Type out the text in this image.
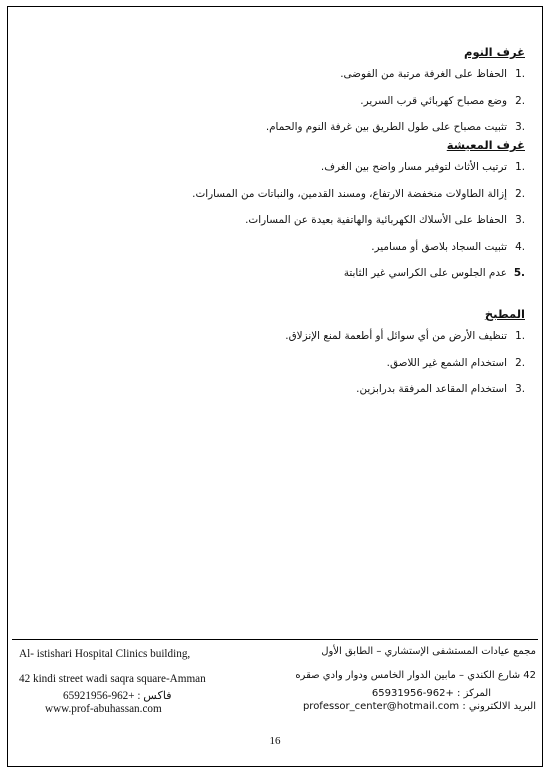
غرف النوم
.1
الحفاظ على الغرفة مرتبة من الفوضى.
.2
وضع مصباح كهربائي قرب السرير.
.3
تثبيت مصباح على طول الطريق بين غرفة النوم والحمام.
غرف المعيشة
.1
ترتيب الأثاث لتوفير مسار واضح بين الغرف.
.2
إزالة الطاولات منخفضة الارتفاع، ومسند القدمين، والنباتات من المسارات.
.3
الحفاظ على الأسلاك الكهربائية والهاتفية بعيدة عن المسارات.
.4
تثبيت السجاد بلاصق أو مسامير.
.5
عدم الجلوس على الكراسي غير الثابتة
المطبخ
.1
تنظيف الأرض من أي سوائل أو أطعمة لمنع الإنزلاق.
.2
استخدام الشمع غير اللاصق.
.3
استخدام المقاعد المرفقة بدرابزين.
Al- istishari Hospital Clinics building,
42 kindi street wadi saqra square-Amman
فاكس : +962-65921956
www.prof-abuhassan.com
مجمع عيادات المستشفى الإستشاري – الطابق الأول
42 شارع الكندي – مابين الدوار الخامس ودوار وادي صقره
المركز : +962-65931956
البريد الالكتروني : professor_center@hotmail.com
16
